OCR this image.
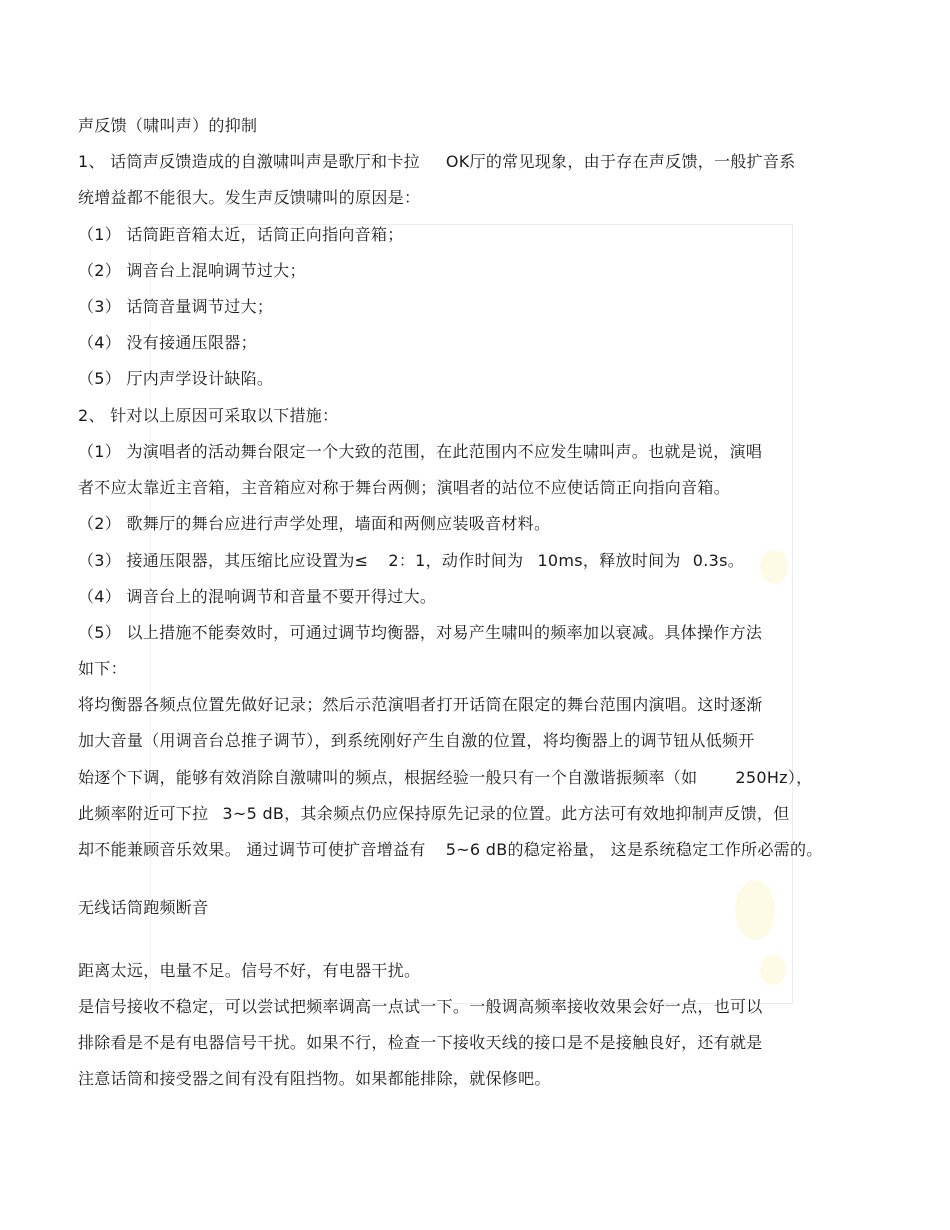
声反馈（啸叫声）的抑制
1、 话筒声反馈造成的自激啸叫声是歌厅和卡拉 OK厅的常见现象，由于存在声反馈，一般扩音系
统增益都不能很大。发生声反馈啸叫的原因是：
（1） 话筒距音箱太近，话筒正向指向音箱；
（2） 调音台上混响调节过大；
（3） 话筒音量调节过大；
（4） 没有接通压限器；
（5） 厅内声学设计缺陷。
2、 针对以上原因可采取以下措施：
（1） 为演唱者的活动舞台限定一个大致的范围，在此范围内不应发生啸叫声。也就是说，演唱
者不应太靠近主音箱，主音箱应对称于舞台两侧；演唱者的站位不应使话筒正向指向音箱。
（2） 歌舞厅的舞台应进行声学处理，墙面和两侧应装吸音材料。
（3） 接通压限器，其压缩比应设置为≤ 2：1，动作时间为 10ms，释放时间为 0.3s。
（4） 调音台上的混响调节和音量不要开得过大。
（5） 以上措施不能奏效时，可通过调节均衡器，对易产生啸叫的频率加以衰减。具体操作方法
如下：
将均衡器各频点位置先做好记录；然后示范演唱者打开话筒在限定的舞台范围内演唱。这时逐渐
加大音量（用调音台总推子调节），到系统刚好产生自激的位置，将均衡器上的调节钮从低频开
始逐个下调，能够有效消除自激啸叫的频点，根据经验一般只有一个自激谐振频率（如 250Hz），
此频率附近可下拉 3~5 dB，其余频点仍应保持原先记录的位置。此方法可有效地抑制声反馈，但
却不能兼顾音乐效果。 通过调节可使扩音增益有 5~6 dB的稳定裕量， 这是系统稳定工作所必需的。
无线话筒跑频断音
距离太远，电量不足。信号不好，有电器干扰。
是信号接收不稳定，可以尝试把频率调高一点试一下。一般调高频率接收效果会好一点，也可以
排除看是不是有电器信号干扰。如果不行，检查一下接收天线的接口是不是接触良好，还有就是
注意话筒和接受器之间有没有阻挡物。如果都能排除，就保修吧。
